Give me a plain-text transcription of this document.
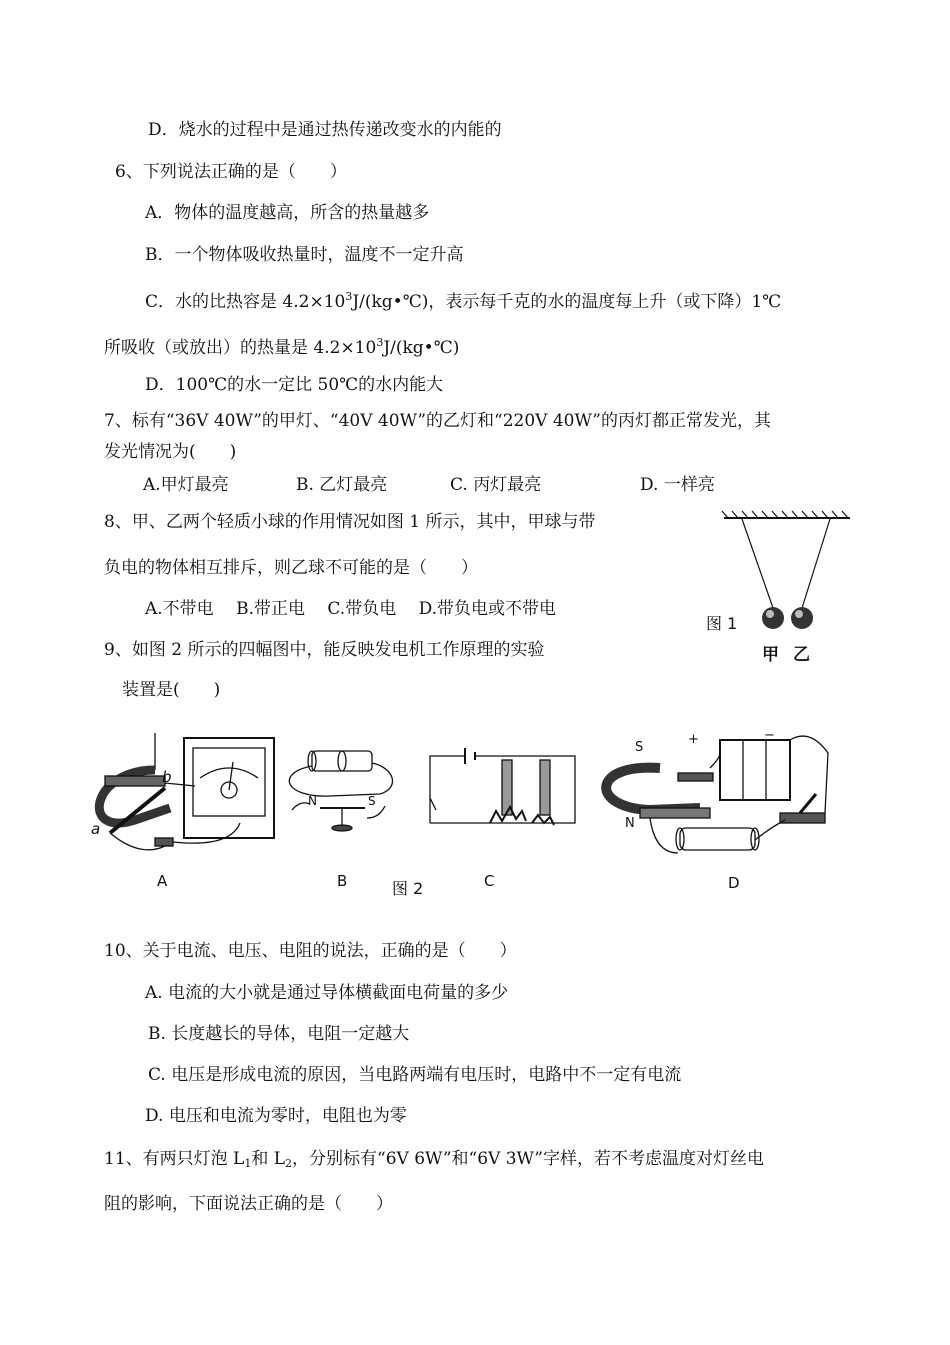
D．烧水的过程中是通过热传递改变水的内能的
6、下列说法正确的是（　　）
A．物体的温度越高，所含的热量越多
B．一个物体吸收热量时，温度不一定升高
C．水的比热容是 $4.2\times 10^3J/(kg•℃)$，表示每千克的水的温度每上升（或下降）1℃
所吸收（或放出）的热量是 $4.2\times 10^3J/(kg•℃)$
D．100℃的水一定比 50℃的水内能大
7、标有“36V 40W”的甲灯、“40V 40W”的乙灯和“220V 40W”的丙灯都正常发光，其
发光情况为(　　)
A.甲灯最亮	B. 乙灯最亮	C. 丙灯最亮	D. 一样亮
8、甲、乙两个轻质小球的作用情况如图 1 所示，其中，甲球与带
负电的物体相互排斥，则乙球不可能的是（　　）
A.不带电　 B.带正电　 C.带负电　 D.带负电或不带电
图 1
甲 乙
9、如图 2 所示的四幅图中，能反映发电机工作原理的实验
装置是(　　)
a
b
N	S
S
N
+	−
A	B	C	D
图 2
10、关于电流、电压、电阻的说法，正确的是（　　）
A. 电流的大小就是通过导体横截面电荷量的多少
B. 长度越长的导体，电阻一定越大
C. 电压是形成电流的原因，当电路两端有电压时，电路中不一定有电流
D. 电压和电流为零时，电阻也为零
11、有两只灯泡 $L_1$和 $L_2$，分别标有“6V 6W”和“6V 3W”字样，若不考虑温度对灯丝电
阻的影响，下面说法正确的是（　　）
